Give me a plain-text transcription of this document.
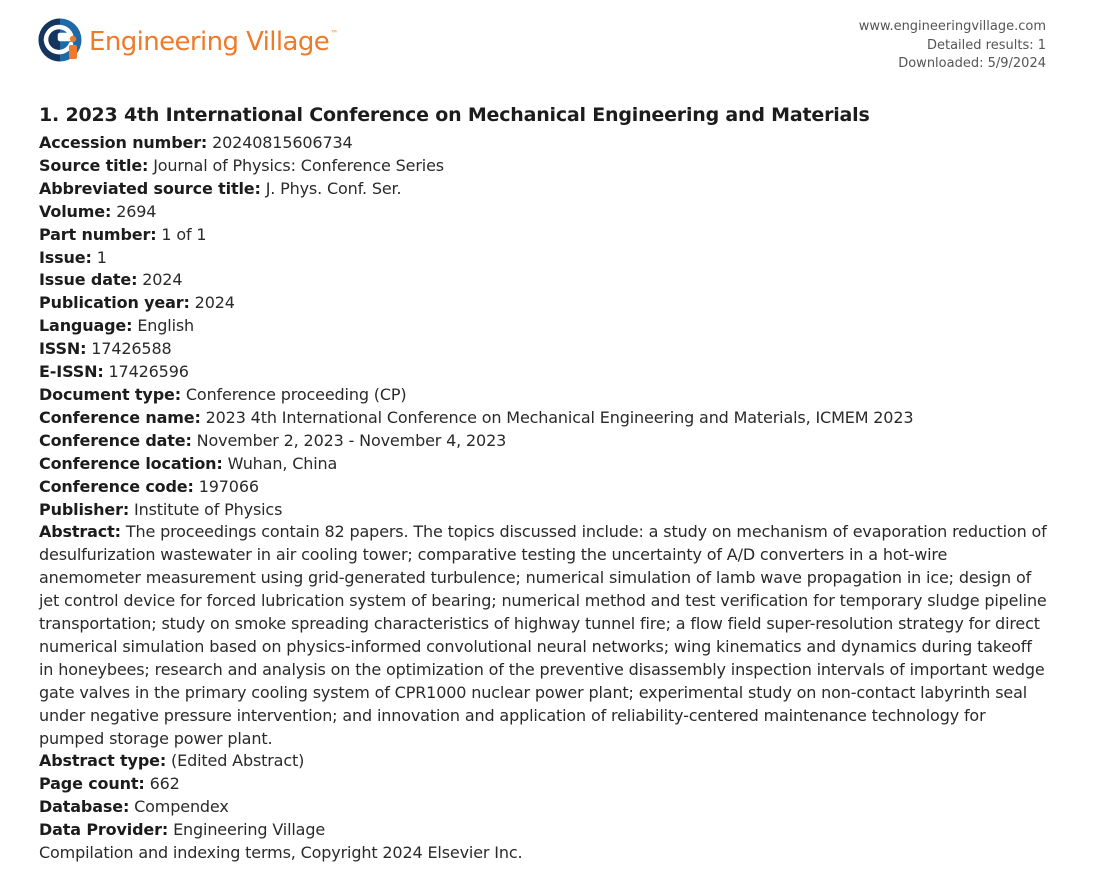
Engineering Village ™	www.engineeringvillage.com
Detailed results: 1
Downloaded: 5/9/2024
1. 2023 4th International Conference on Mechanical Engineering and Materials
Accession number: 20240815606734
Source title: Journal of Physics: Conference Series
Abbreviated source title: J. Phys. Conf. Ser.
Volume: 2694
Part number: 1 of 1
Issue: 1
Issue date: 2024
Publication year: 2024
Language: English
ISSN: 17426588
E-ISSN: 17426596
Document type: Conference proceeding (CP)
Conference name: 2023 4th International Conference on Mechanical Engineering and Materials, ICMEM 2023
Conference date: November 2, 2023 - November 4, 2023
Conference location: Wuhan, China
Conference code: 197066
Publisher: Institute of Physics
Abstract: The proceedings contain 82 papers. The topics discussed include: a study on mechanism of evaporation reduction of desulfurization wastewater in air cooling tower; comparative testing the uncertainty of A/D converters in a hot-wire anemometer measurement using grid-generated turbulence; numerical simulation of lamb wave propagation in ice; design of jet control device for forced lubrication system of bearing; numerical method and test verification for temporary sludge pipeline transportation; study on smoke spreading characteristics of highway tunnel fire; a flow field super-resolution strategy for direct numerical simulation based on physics-informed convolutional neural networks; wing kinematics and dynamics during takeoff in honeybees; research and analysis on the optimization of the preventive disassembly inspection intervals of important wedge gate valves in the primary cooling system of CPR1000 nuclear power plant; experimental study on non-contact labyrinth seal under negative pressure intervention; and innovation and application of reliability-centered maintenance technology for pumped storage power plant.
Abstract type: (Edited Abstract)
Page count: 662
Database: Compendex
Data Provider: Engineering Village
Compilation and indexing terms, Copyright 2024 Elsevier Inc.
